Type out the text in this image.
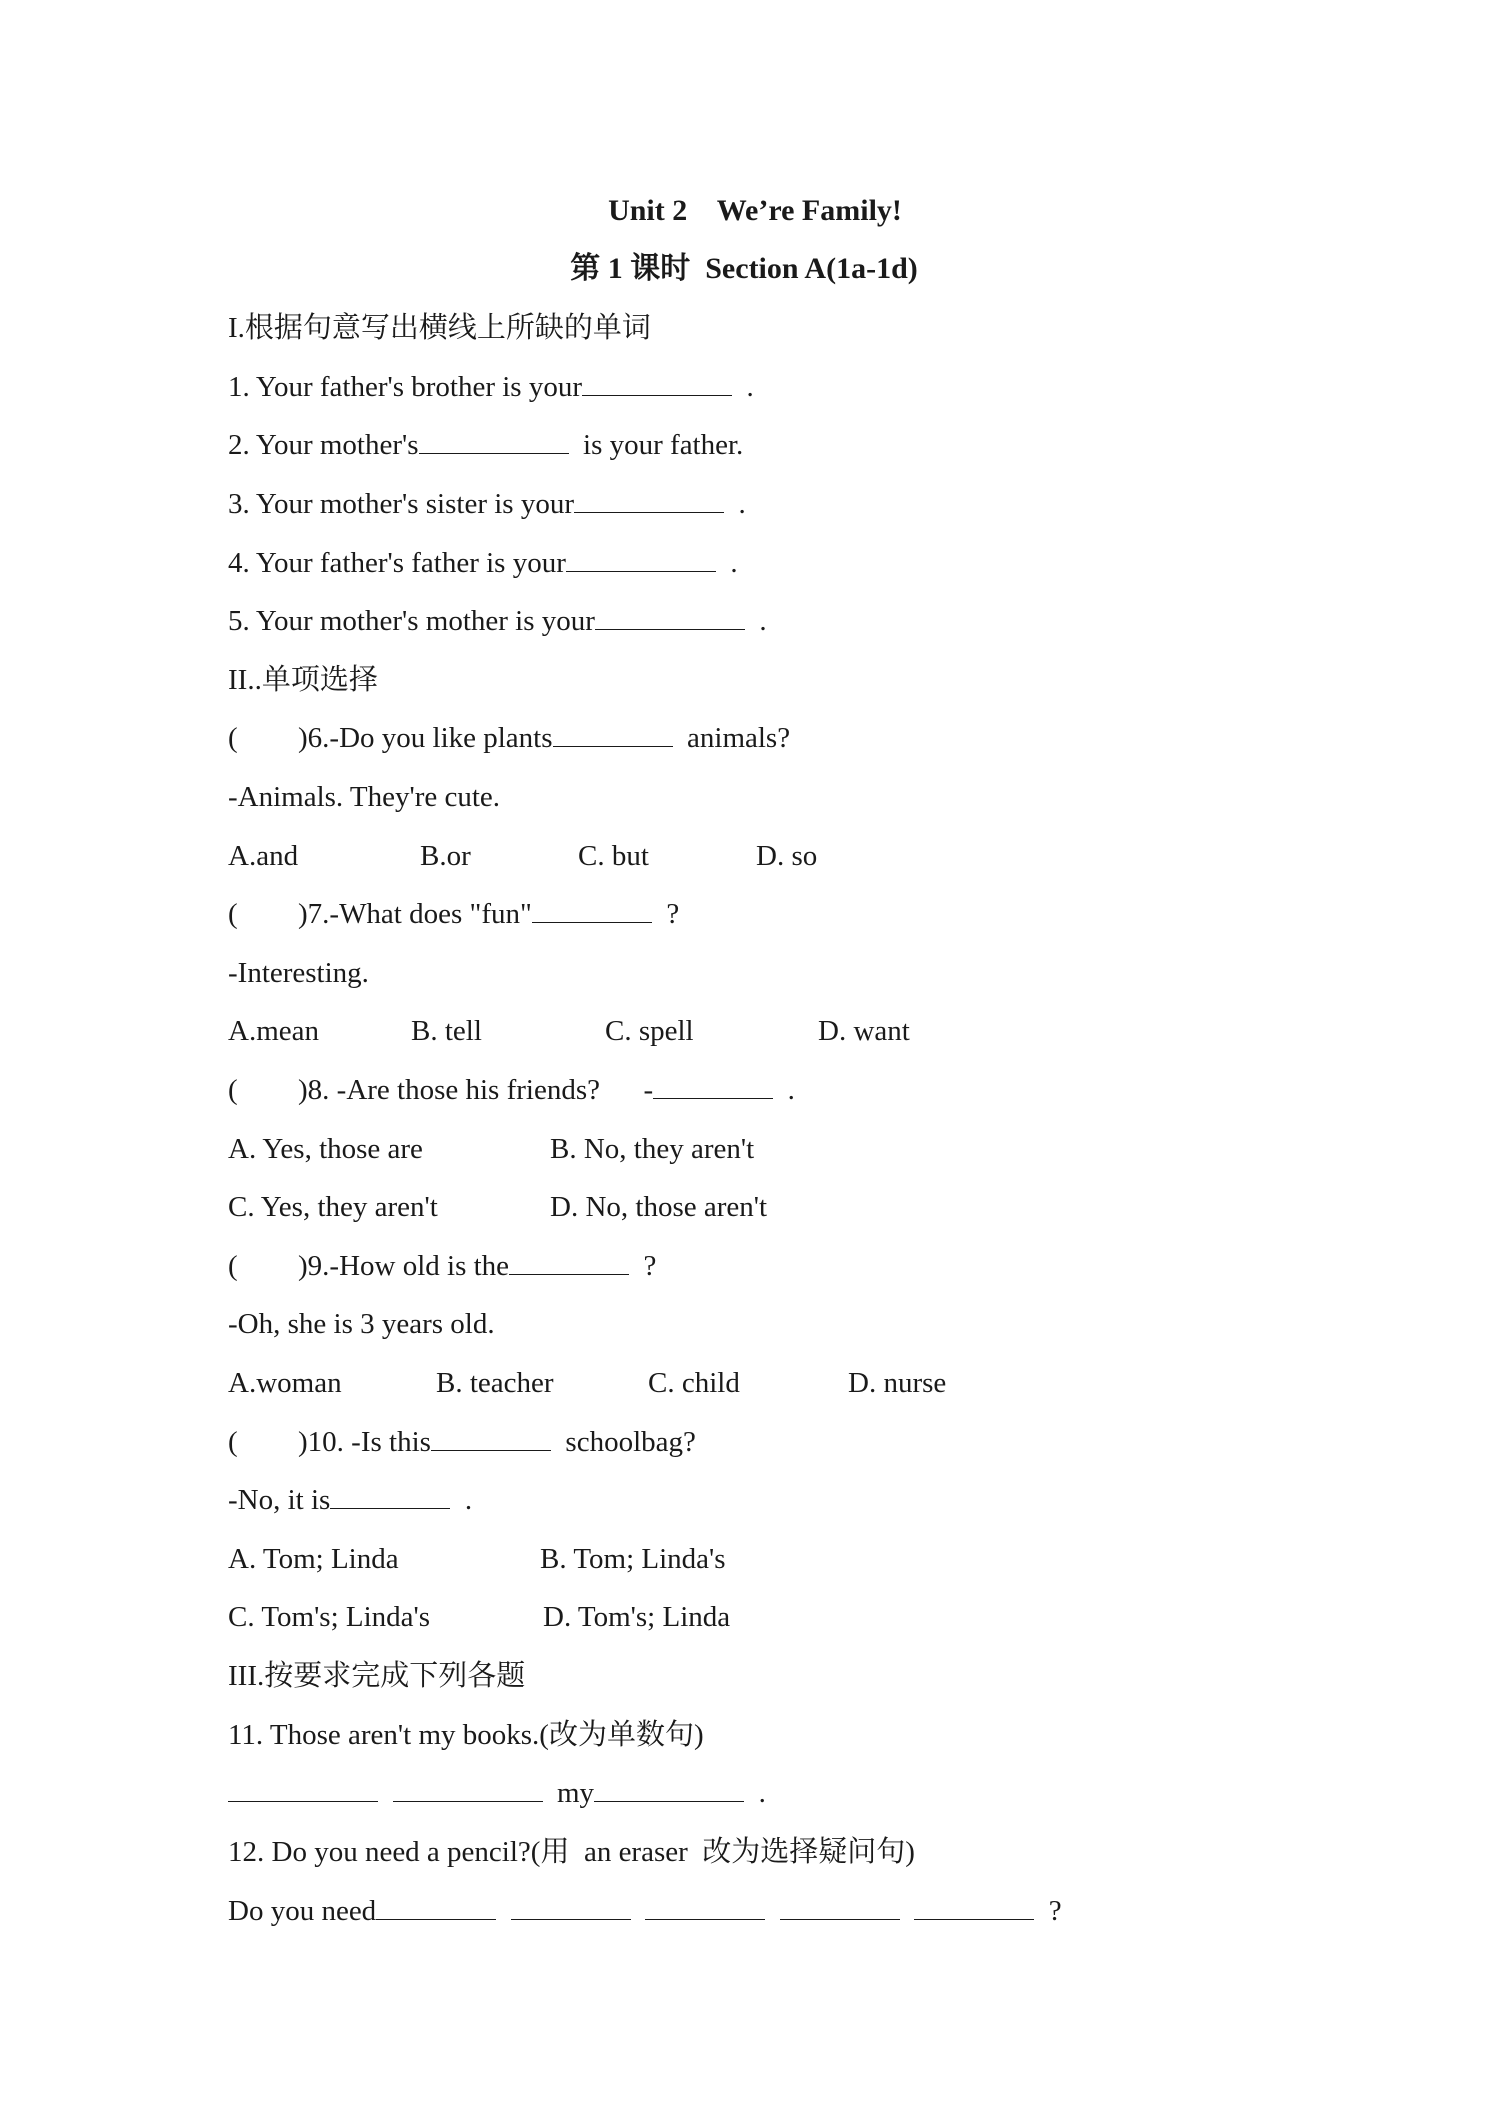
Unit 2    We’re Family!
第 1 课时  Section A(1a-1d)
I.根据句意写出横线上所缺的单词
1. Your father's brother is your	.
2. Your mother's	is your father.
3. Your mother's sister is your	.
4. Your father's father is your	.
5. Your mother's mother is your	.
II..单项选择
( )6.-Do you like plants	animals?
-Animals. They're cute.
A.and	B.or	C. but	D. so
( )7.-What does "fun"	?
-Interesting.
A.mean	B. tell	C. spell	D. want
( )8. -Are those his friends?      -	.
A. Yes, those are	B. No, they aren't
C. Yes, they aren't	D. No, those aren't
( )9.-How old is the	?
-Oh, she is 3 years old.
A.woman	B. teacher	C. child	D. nurse
( )10. -Is this	schoolbag?
-No, it is	.
A. Tom; Linda	B. Tom; Linda's
C. Tom's; Linda's	D. Tom's; Linda
III.按要求完成下列各题
11. Those aren't my books.(改为单数句)
my	.
12. Do you need a pencil?(用  an eraser  改为选择疑问句)
Do you need	?
